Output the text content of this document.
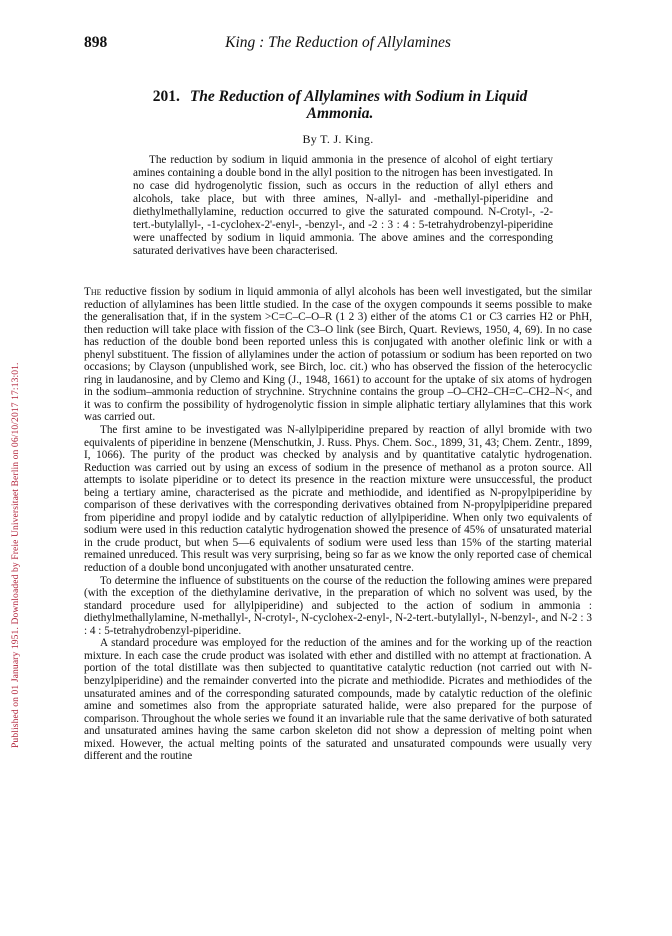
898	King : The Reduction of Allylamines
Published on 01 January 1951. Downloaded by Freie Universitaet Berlin on 06/10/2017 17:13:01.
201. The Reduction of Allylamines with Sodium in Liquid
Ammonia.
By T. J. King.

The reduction by sodium in liquid ammonia in the presence of alcohol of eight tertiary amines containing a double bond in the allyl position to the nitrogen has been investigated. In no case did hydrogenolytic fission, such as occurs in the reduction of allyl ethers and alcohols, take place, but with three amines, N-allyl- and -methallyl-piperidine and diethylmethallylamine, reduction occurred to give the saturated compound. N-Crotyl-, -2-tert.-butylallyl-, -1-cyclohex-2'-enyl-, -benzyl-, and -2 : 3 : 4 : 5-tetrahydrobenzyl-piperidine were unaffected by sodium in liquid ammonia. The above amines and the corresponding saturated derivatives have been characterised.

The reductive fission by sodium in liquid ammonia of allyl alcohols has been well investigated, but the similar reduction of allylamines has been little studied. In the case of the oxygen compounds it seems possible to make the generalisation that, if in the system >C=C–C–O–R (1 2 3) either of the atoms C1 or C3 carries H2 or PhH, then reduction will take place with fission of the C3–O link (see Birch, Quart. Reviews, 1950, 4, 69). In no case has reduction of the double bond been reported unless this is conjugated with another olefinic link or with a phenyl substituent. The fission of allylamines under the action of potassium or sodium has been reported on two occasions; by Clayson (unpublished work, see Birch, loc. cit.) who has observed the fission of the heterocyclic ring in laudanosine, and by Clemo and King (J., 1948, 1661) to account for the uptake of six atoms of hydrogen in the sodium–ammonia reduction of strychnine. Strychnine contains the group –O–CH2–CH=C–CH2–N<, and it was to confirm the possibility of hydrogenolytic fission in simple aliphatic tertiary allylamines that this work was carried out.

The first amine to be investigated was N-allylpiperidine prepared by reaction of allyl bromide with two equivalents of piperidine in benzene (Menschutkin, J. Russ. Phys. Chem. Soc., 1899, 31, 43; Chem. Zentr., 1899, I, 1066). The purity of the product was checked by analysis and by quantitative catalytic hydrogenation. Reduction was carried out by using an excess of sodium in the presence of methanol as a proton source. All attempts to isolate piperidine or to detect its presence in the reaction mixture were unsuccessful, the product being a tertiary amine, characterised as the picrate and methiodide, and identified as N-propylpiperidine by comparison of these derivatives with the corresponding derivatives obtained from N-propylpiperidine prepared from piperidine and propyl iodide and by catalytic reduction of allylpiperidine. When only two equivalents of sodium were used in this reduction catalytic hydrogenation showed the presence of 45% of unsaturated material in the crude product, but when 5—6 equivalents of sodium were used less than 15% of the starting material remained unreduced. This result was very surprising, being so far as we know the only reported case of chemical reduction of a double bond unconjugated with another unsaturated centre.

To determine the influence of substituents on the course of the reduction the following amines were prepared (with the exception of the diethylamine derivative, in the preparation of which no solvent was used, by the standard procedure used for allylpiperidine) and subjected to the action of sodium in ammonia : diethylmethallylamine, N-methallyl-, N-crotyl-, N-cyclohex-2-enyl-, N-2-tert.-butylallyl-, N-benzyl-, and N-2 : 3 : 4 : 5-tetrahydrobenzyl-piperidine.

A standard procedure was employed for the reduction of the amines and for the working up of the reaction mixture. In each case the crude product was isolated with ether and distilled with no attempt at fractionation. A portion of the total distillate was then subjected to quantitative catalytic reduction (not carried out with N-benzylpiperidine) and the remainder converted into the picrate and methiodide. Picrates and methiodides of the unsaturated amines and of the corresponding saturated compounds, made by catalytic reduction of the olefinic amine and sometimes also from the appropriate saturated halide, were also prepared for the purpose of comparison. Throughout the whole series we found it an invariable rule that the same derivative of both saturated and unsaturated amines having the same carbon skeleton did not show a depression of melting point when mixed. However, the actual melting points of the saturated and unsaturated compounds were usually very different and the routine
